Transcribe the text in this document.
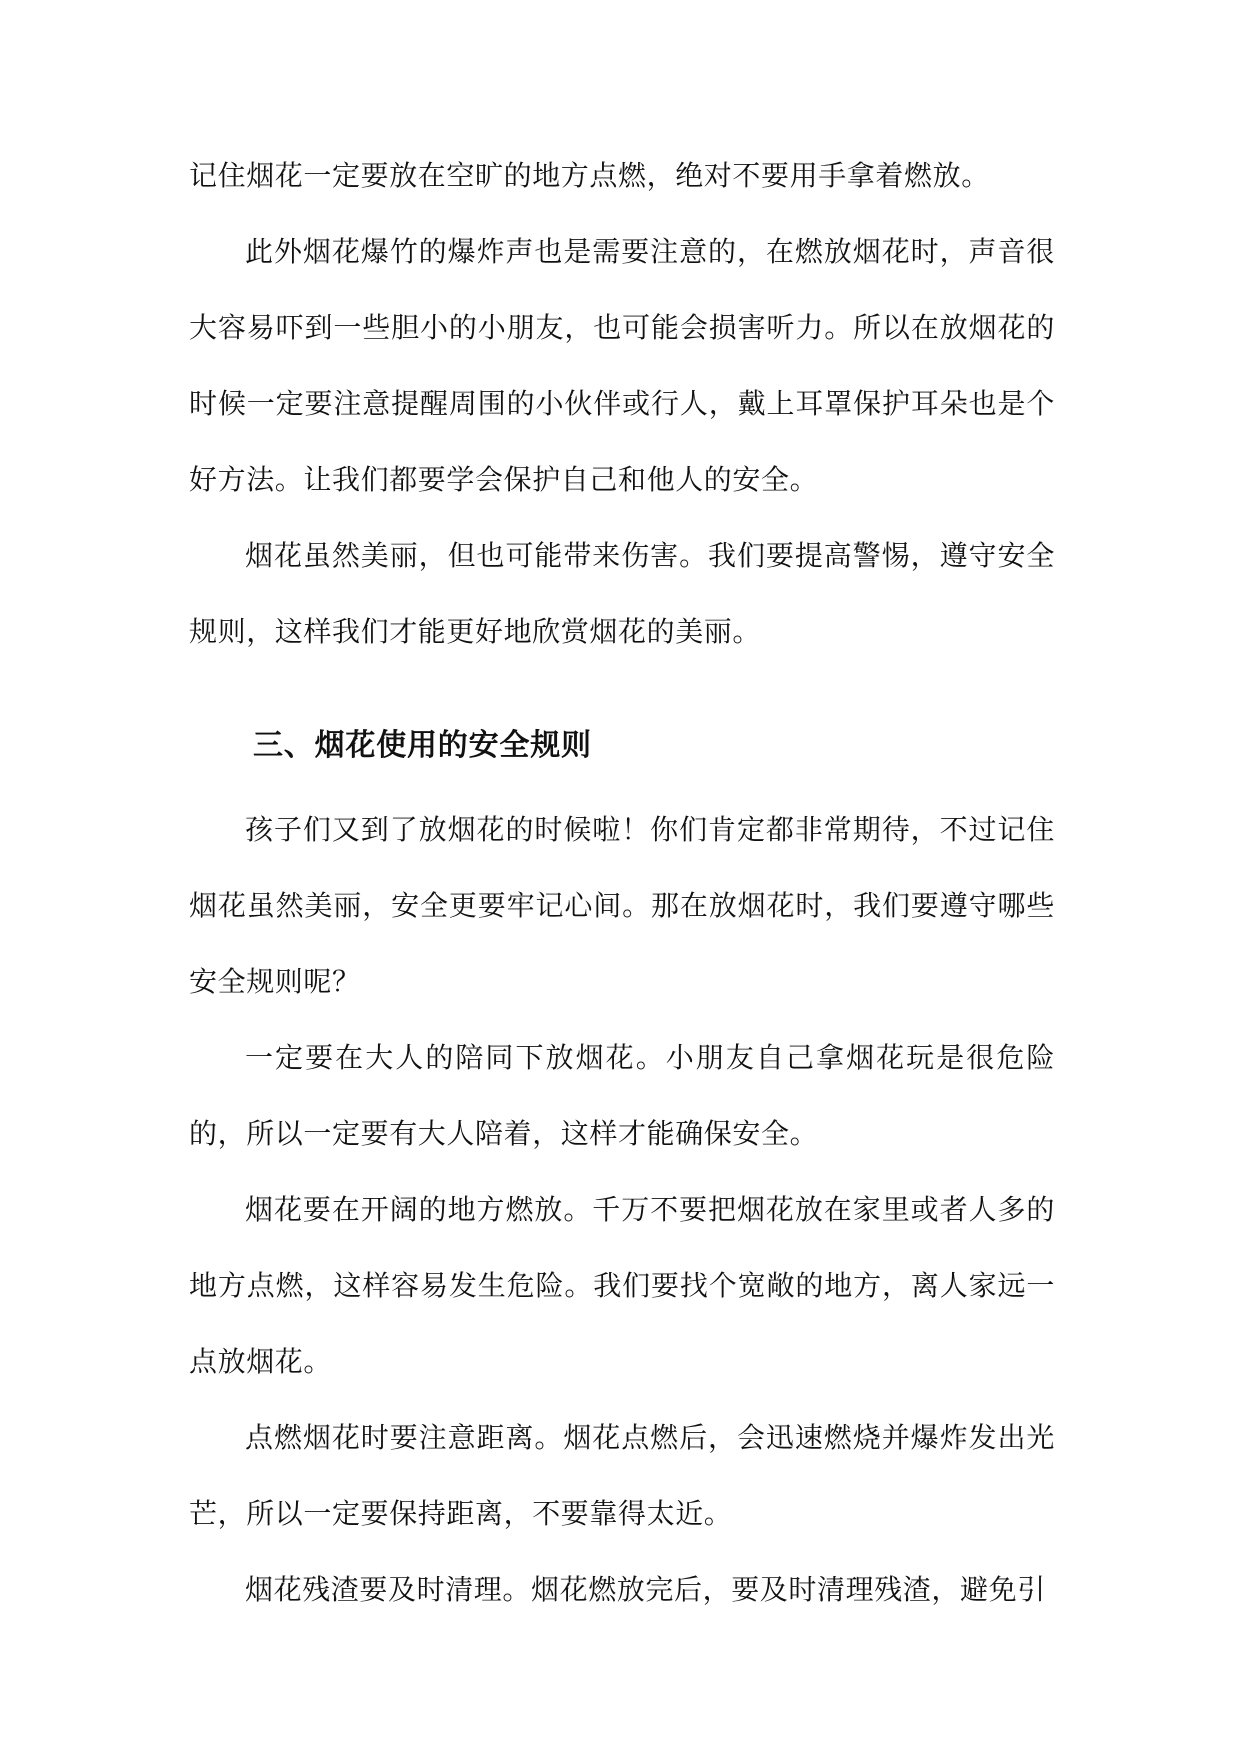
记住烟花一定要放在空旷的地方点燃，绝对不要用手拿着燃放。

此外烟花爆竹的爆炸声也是需要注意的，在燃放烟花时，声音很大容易吓到一些胆小的小朋友，也可能会损害听力。所以在放烟花的时候一定要注意提醒周围的小伙伴或行人，戴上耳罩保护耳朵也是个好方法。让我们都要学会保护自己和他人的安全。

烟花虽然美丽，但也可能带来伤害。我们要提高警惕，遵守安全规则，这样我们才能更好地欣赏烟花的美丽。

三、烟花使用的安全规则

孩子们又到了放烟花的时候啦！你们肯定都非常期待，不过记住烟花虽然美丽，安全更要牢记心间。那在放烟花时，我们要遵守哪些安全规则呢？

一定要在大人的陪同下放烟花。小朋友自己拿烟花玩是很危险的，所以一定要有大人陪着，这样才能确保安全。

烟花要在开阔的地方燃放。千万不要把烟花放在家里或者人多的地方点燃，这样容易发生危险。我们要找个宽敞的地方，离人家远一点放烟花。

点燃烟花时要注意距离。烟花点燃后，会迅速燃烧并爆炸发出光芒，所以一定要保持距离，不要靠得太近。

烟花残渣要及时清理。烟花燃放完后，要及时清理残渣，避免引
